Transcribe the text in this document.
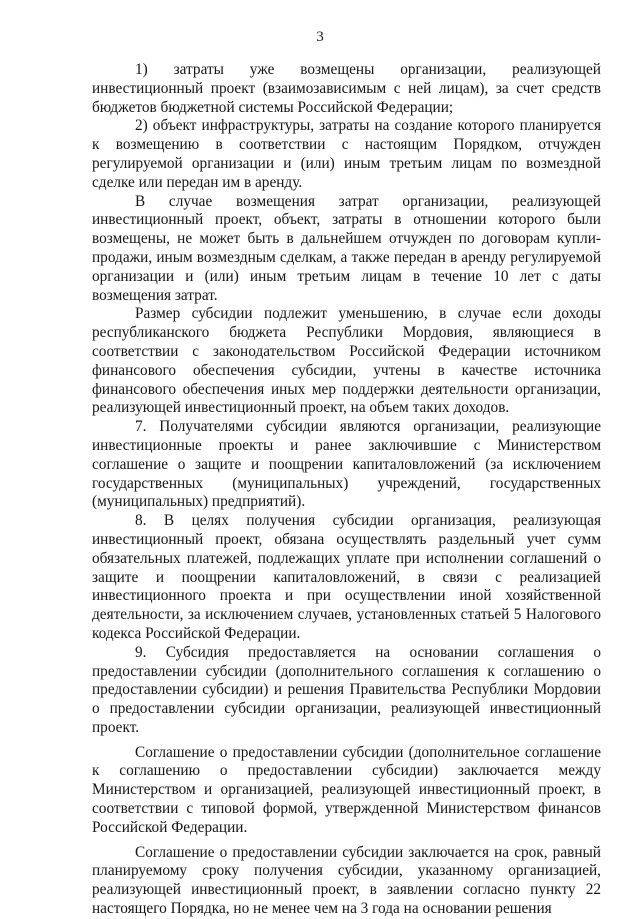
3

1) затраты уже возмещены организации, реализующей инвестиционный проект (взаимозависимым с ней лицам), за счет средств бюджетов бюджетной системы Российской Федерации;

2) объект инфраструктуры, затраты на создание которого планируется к возмещению в соответствии с настоящим Порядком, отчужден регулируемой организации и (или) иным третьим лицам по возмездной сделке или передан им в аренду.

В случае возмещения затрат организации, реализующей инвестиционный проект, объект, затраты в отношении которого были возмещены, не может быть в дальнейшем отчужден по договорам купли-продажи, иным возмездным сделкам, а также передан в аренду регулируемой организации и (или) иным третьим лицам в течение 10 лет с даты возмещения затрат.

Размер субсидии подлежит уменьшению, в случае если доходы республиканского бюджета Республики Мордовия, являющиеся в соответствии с законодательством Российской Федерации источником финансового обеспечения субсидии, учтены в качестве источника финансового обеспечения иных мер поддержки деятельности организации, реализующей инвестиционный проект, на объем таких доходов.

7. Получателями субсидии являются организации, реализующие инвестиционные проекты и ранее заключившие с Министерством соглашение о защите и поощрении капиталовложений (за исключением государственных (муниципальных) учреждений, государственных (муниципальных) предприятий).

8. В целях получения субсидии организация, реализующая инвестиционный проект, обязана осуществлять раздельный учет сумм обязательных платежей, подлежащих уплате при исполнении соглашений о защите и поощрении капиталовложений, в связи с реализацией инвестиционного проекта и при осуществлении иной хозяйственной деятельности, за исключением случаев, установленных статьей 5 Налогового кодекса Российской Федерации.

9. Субсидия предоставляется на основании соглашения о предоставлении субсидии (дополнительного соглашения к соглашению о предоставлении субсидии) и решения Правительства Республики Мордовии о предоставлении субсидии организации, реализующей инвестиционный проект.

Соглашение о предоставлении субсидии (дополнительное соглашение к соглашению о предоставлении субсидии) заключается между Министерством и организацией, реализующей инвестиционный проект, в соответствии с типовой формой, утвержденной Министерством финансов Российской Федерации.

Соглашение о предоставлении субсидии заключается на срок, равный планируемому сроку получения субсидии, указанному организацией, реализующей инвестиционный проект, в заявлении согласно пункту 22 настоящего Порядка, но не менее чем на 3 года на основании решения
